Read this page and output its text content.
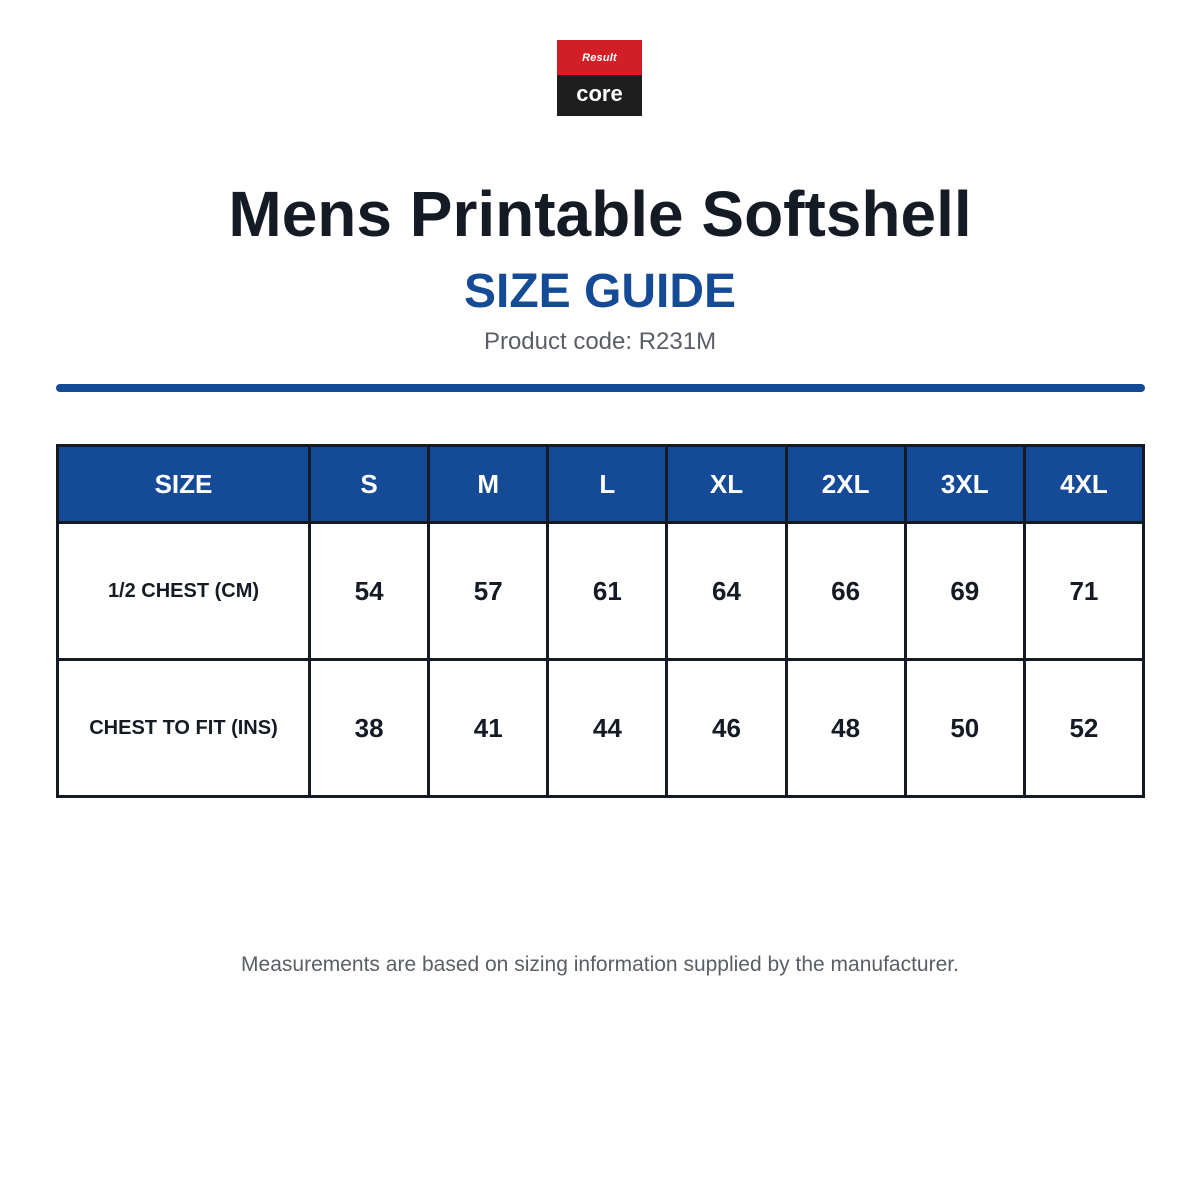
Result
core
Mens Printable Softshell
SIZE GUIDE
Product code: R231M
SIZE	S	M	L	XL	2XL	3XL	4XL
1/2 CHEST (CM)	54	57	61	64	66	69	71
CHEST TO FIT (INS)	38	41	44	46	48	50	52
Measurements are based on sizing information supplied by the manufacturer.
